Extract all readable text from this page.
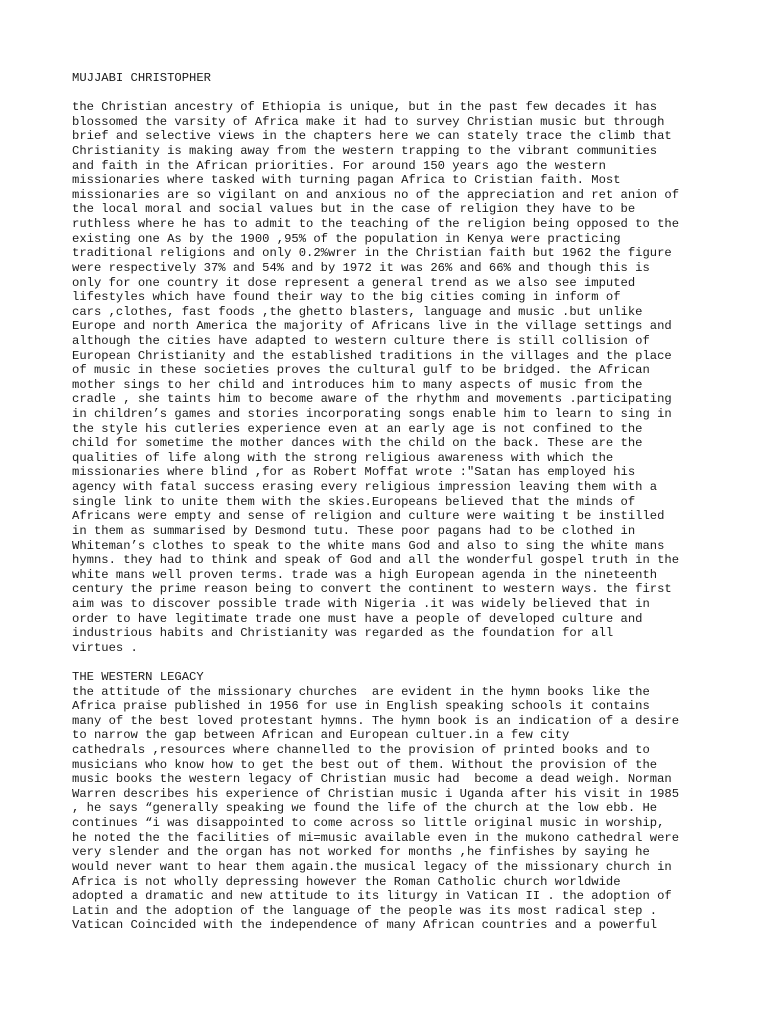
MUJJABI CHRISTOPHER
the Christian ancestry of Ethiopia is unique, but in the past few decades it has
blossomed the varsity of Africa make it had to survey Christian music but through
brief and selective views in the chapters here we can stately trace the climb that
Christianity is making away from the western trapping to the vibrant communities
and faith in the African priorities. For around 150 years ago the western
missionaries where tasked with turning pagan Africa to Cristian faith. Most
missionaries are so vigilant on and anxious no of the appreciation and ret anion of
the local moral and social values but in the case of religion they have to be
ruthless where he has to admit to the teaching of the religion being opposed to the
existing one As by the 1900 ,95% of the population in Kenya were practicing
traditional religions and only 0.2%wrer in the Christian faith but 1962 the figure
were respectively 37% and 54% and by 1972 it was 26% and 66% and though this is
only for one country it dose represent a general trend as we also see imputed
lifestyles which have found their way to the big cities coming in inform of
cars ,clothes, fast foods ,the ghetto blasters, language and music .but unlike
Europe and north America the majority of Africans live in the village settings and
although the cities have adapted to western culture there is still collision of
European Christianity and the established traditions in the villages and the place
of music in these societies proves the cultural gulf to be bridged. the African
mother sings to her child and introduces him to many aspects of music from the
cradle , she taints him to become aware of the rhythm and movements .participating
in children’s games and stories incorporating songs enable him to learn to sing in
the style his cutleries experience even at an early age is not confined to the
child for sometime the mother dances with the child on the back. These are the
qualities of life along with the strong religious awareness with which the
missionaries where blind ,for as Robert Moffat wrote :"Satan has employed his
agency with fatal success erasing every religious impression leaving them with a
single link to unite them with the skies.Europeans believed that the minds of
Africans were empty and sense of religion and culture were waiting t be instilled
in them as summarised by Desmond tutu. These poor pagans had to be clothed in
Whiteman’s clothes to speak to the white mans God and also to sing the white mans
hymns. they had to think and speak of God and all the wonderful gospel truth in the
white mans well proven terms. trade was a high European agenda in the nineteenth
century the prime reason being to convert the continent to western ways. the first
aim was to discover possible trade with Nigeria .it was widely believed that in
order to have legitimate trade one must have a people of developed culture and
industrious habits and Christianity was regarded as the foundation for all
virtues .
THE WESTERN LEGACY
the attitude of the missionary churches  are evident in the hymn books like the
Africa praise published in 1956 for use in English speaking schools it contains
many of the best loved protestant hymns. The hymn book is an indication of a desire
to narrow the gap between African and European cultuer.in a few city
cathedrals ,resources where channelled to the provision of printed books and to
musicians who know how to get the best out of them. Without the provision of the
music books the western legacy of Christian music had  become a dead weigh. Norman
Warren describes his experience of Christian music i Uganda after his visit in 1985
, he says “generally speaking we found the life of the church at the low ebb. He
continues “i was disappointed to come across so little original music in worship,
he noted the the facilities of mi=music available even in the mukono cathedral were
very slender and the organ has not worked for months ,he finfishes by saying he
would never want to hear them again.the musical legacy of the missionary church in
Africa is not wholly depressing however the Roman Catholic church worldwide
adopted a dramatic and new attitude to its liturgy in Vatican II . the adoption of
Latin and the adoption of the language of the people was its most radical step .
Vatican Coincided with the independence of many African countries and a powerful
